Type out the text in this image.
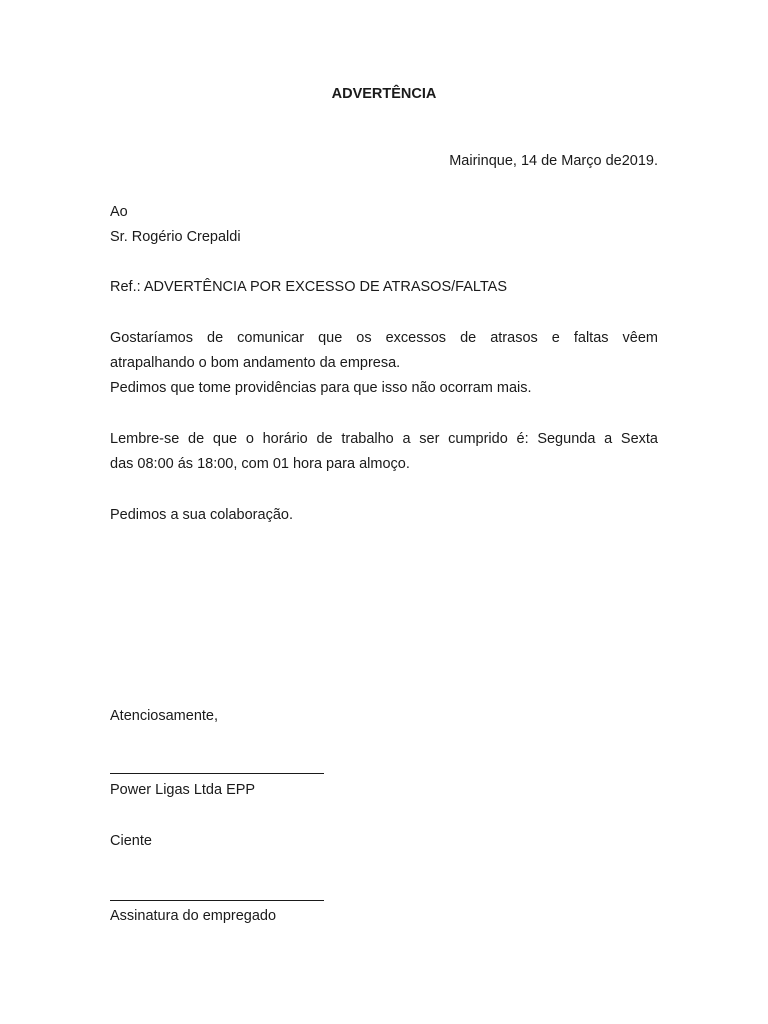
ADVERTÊNCIA
Mairinque, 14 de Março de2019.
Ao
Sr. Rogério Crepaldi
Ref.: ADVERTÊNCIA POR EXCESSO DE ATRASOS/FALTAS
Gostaríamos de comunicar que os excessos de atrasos e faltas vêem
atrapalhando o bom andamento da empresa.
Pedimos que tome providências para que isso não ocorram mais.
Lembre-se de que o horário de trabalho a ser cumprido é: Segunda a Sexta
das 08:00 ás 18:00, com 01 hora para almoço.
Pedimos a sua colaboração.
Atenciosamente,
Power Ligas Ltda EPP
Ciente
Assinatura do empregado
